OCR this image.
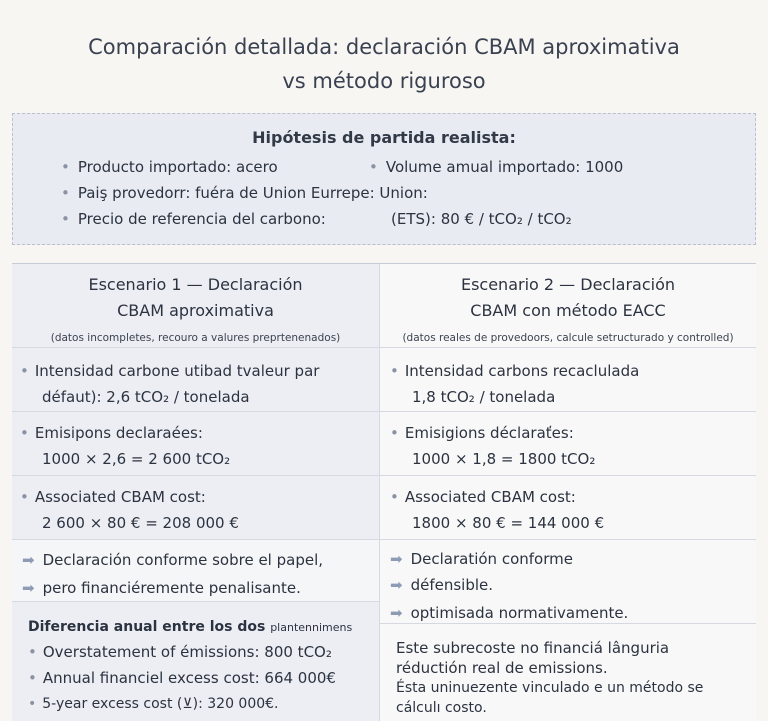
Comparación detallada: declaración CBAM aproximativa
vs método riguroso
Hipótesis de partida realista:
• Producto importado: acero	• Volume amual importado: 1000
• Paiş provedorr: fuéra de Union Eurrepe: Union:
• Precio de referencia del carbono:	(ETS): 80 € / tCO₂ / tCO₂
Escenario 1 — Declaración
CBAM aproximativa
(datos incompletes, recouro a valures preprtenenados)
Escenario 2 — Declaración
CBAM con método EACC
(datos reales de provedoors, calcule setructurado y controlled)
• Intensidad carbone utibad tvaleur par
défaut): 2,6 tCO₂ / tonelada
• Intensidad carbons recaclulada
1,8 tCO₂ / tonelada
• Emisipons declaraées:
1000 × 2,6 = 2 600 tCO₂
• Emisigions déclaraťes:
1000 × 1,8 = 1800 tCO₂
• Associated CBAM cost:
2 600 × 80 € = 208 000 €
• Associated CBAM cost:
1800 × 80 € = 144 000 €
➡ Declaración conforme sobre el papel,
➡ pero financiéremente penalisante.
➡ Declaratión conforme
➡ défensible.
➡ optimisada normativamente.
Diferencia anual entre los dos plantennimens
• Overstatement of émissions: 800 tCO₂
• Annual financiel excess cost: 664 000€
• 5-year excess cost (⊻): 320 000€.
Este subrecoste no financiá lânguria
réductión real de emissions.
Ésta uninuezente vinculado e un método se
cálculı costo.
